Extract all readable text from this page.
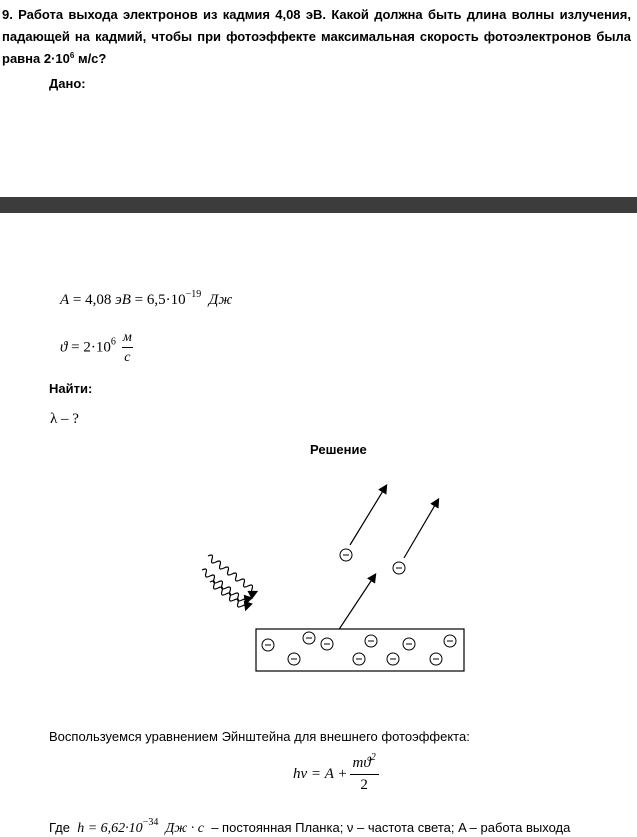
9. Работа выхода электронов из кадмия 4,08 эВ. Какой должна быть длина волны излучения, падающей на кадмий, чтобы при фотоэффекте максимальная скорость фотоэлектронов была равна $2\cdot 10^6$ м/с?
Дано:
A = 4,08 эВ = $6,5\cdot 10^{-19}$ Дж
$ϑ = 2\cdot 10^6 \frac{м}{с}$
Найти:
λ – ?
Решение
Воспользуемся уравнением Эйнштейна для внешнего фотоэффекта:
$h\nu = A + \frac{mϑ^2}{2}$
Где $h = 6,62\cdot 10^{-34}$ Дж · с – постоянная Планка; ν – частота света; A – работа выхода
